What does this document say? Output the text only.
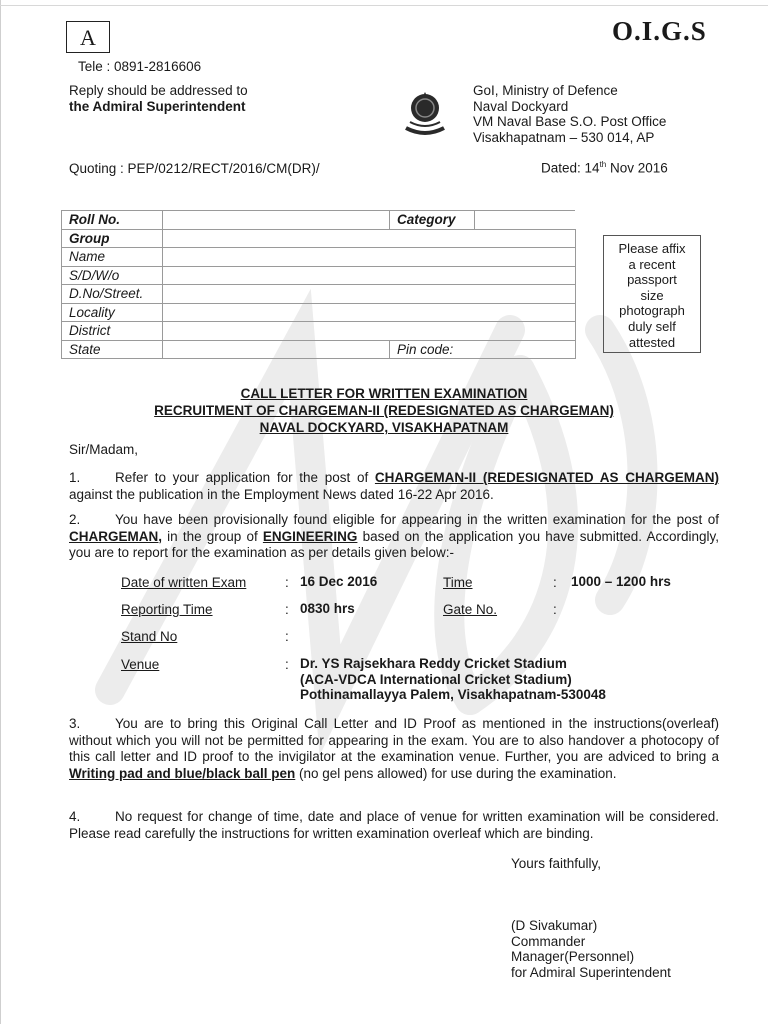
A	O.I.G.S
Tele : 0891-2816606
Reply should be addressed to
the Admiral Superintendent
GoI, Ministry of Defence
Naval Dockyard
VM Naval Base S.O. Post Office
Visakhapatnam – 530 014, AP
Quoting : PEP/0212/RECT/2016/CM(DR)/	Dated: 14th Nov 2016
Roll No.		Category	
Group			
Name			
S/D/W/o			
D.No/Street.			
Locality			
District			
State		Pin code:	
Please affix
a recent
passport
size
photograph
duly self
attested
CALL LETTER FOR WRITTEN EXAMINATION
RECRUITMENT OF CHARGEMAN-II (REDESIGNATED AS CHARGEMAN)
NAVAL DOCKYARD, VISAKHAPATNAM
Sir/Madam,
1.	Refer to your application for the post of CHARGEMAN-II (REDESIGNATED AS CHARGEMAN) against the publication in the Employment News dated 16-22 Apr 2016.
2.	You have been provisionally found eligible for appearing in the written examination for the post of CHARGEMAN, in the group of ENGINEERING based on the application you have submitted. Accordingly, you are to report for the examination as per details given below:-
Date of written Exam	: 16 Dec 2016	Time	: 1000 – 1200 hrs
Reporting Time	: 0830 hrs	Gate No.	:
Stand No	:
Venue	: Dr. YS Rajsekhara Reddy Cricket Stadium
(ACA-VDCA International Cricket Stadium)
Pothinamallayya Palem, Visakhapatnam-530048
3.	You are to bring this Original Call Letter and ID Proof as mentioned in the instructions(overleaf) without which you will not be permitted for appearing in the exam. You are to also handover a photocopy of this call letter and ID proof to the invigilator at the examination venue. Further, you are adviced to bring a Writing pad and blue/black ball pen (no gel pens allowed) for use during the examination.
4.	No request for change of time, date and place of venue for written examination will be considered. Please read carefully the instructions for written examination overleaf which are binding.
Yours faithfully,
(D Sivakumar)
Commander
Manager(Personnel)
for Admiral Superintendent
